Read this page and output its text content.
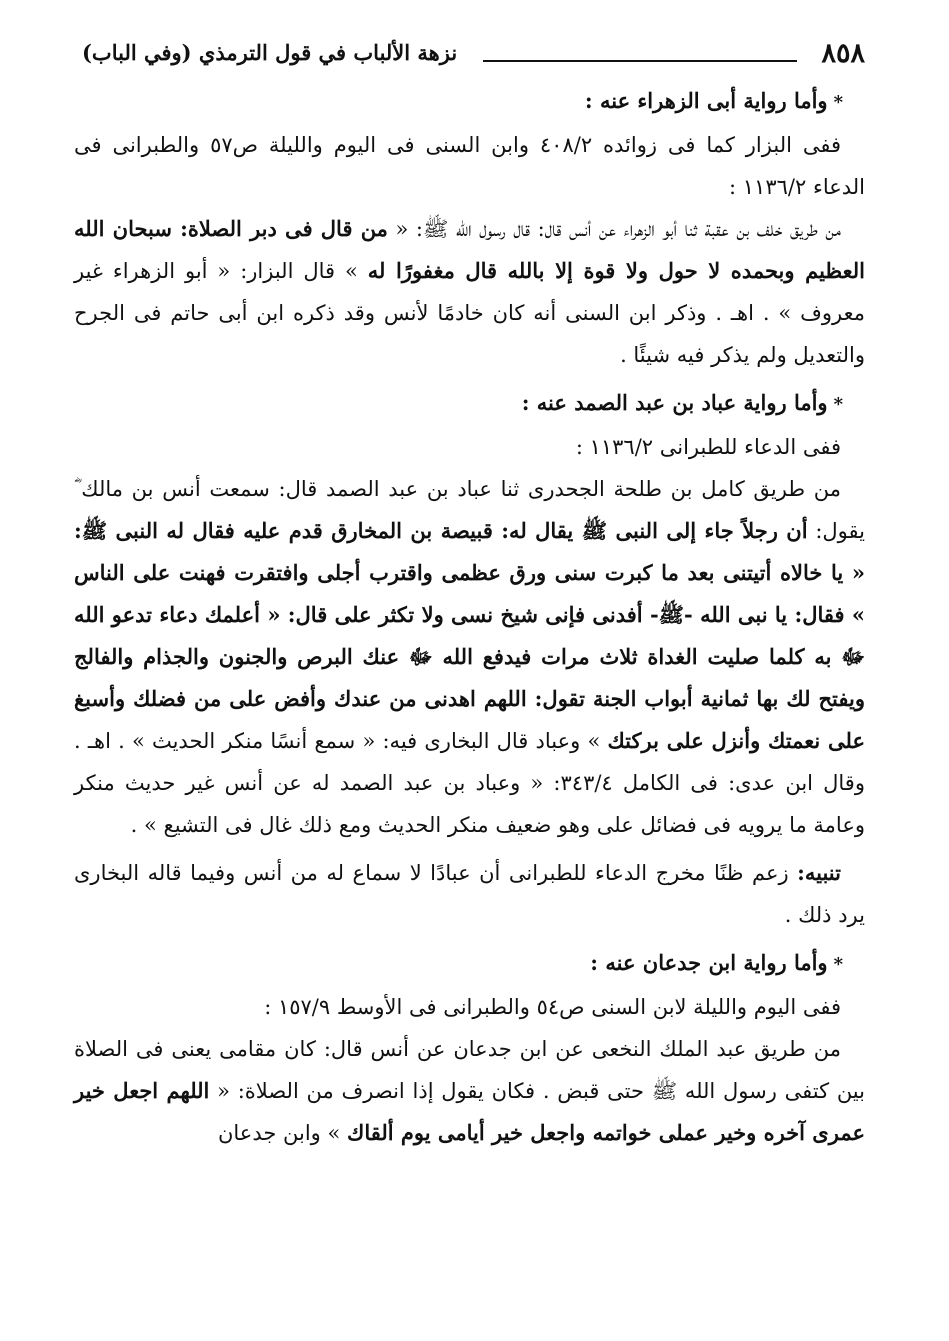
٨٥٨
نزهة الألباب في قول الترمذي (وفي الباب)

*وأما رواية أبى الزهراء عنه :

ففى البزار كما فى زوائده ٤٠٨/٢ وابن السنى فى اليوم والليلة ص٥٧ والطبرانى فى الدعاء ١١٣٦/٢ :

من طريق خلف بن عقبة ثنا أبو الزهراء عن أنس قال: قال رسول الله ﷺ: « من قال فى دبر الصلاة: سبحان الله العظيم وبحمده لا حول ولا قوة إلا بالله قال مغفورًا له » قال البزار: « أبو الزهراء غير معروف » . اهـ . وذكر ابن السنى أنه كان خادمًا لأنس وقد ذكره ابن أبى حاتم فى الجرح والتعديل ولم يذكر فيه شيئًا .

*وأما رواية عباد بن عبد الصمد عنه :

ففى الدعاء للطبرانى ١١٣٦/٢ :

من طريق كامل بن طلحة الجحدرى ثنا عباد بن عبد الصمد قال: سمعت أنس بن مالك ؓ يقول: أن رجلاً جاء إلى النبى ﷺ يقال له: قبيصة بن المخارق قدم عليه فقال له النبى ﷺ: « يا خالاه أتيتنى بعد ما كبرت سنى ورق عظمى واقترب أجلى وافتقرت فهنت على الناس » فقال: يا نبى الله -ﷺ- أفدنى فإنى شيخ نسى ولا تكثر على قال: « أعلمك دعاء تدعو الله ﷻ به كلما صليت الغداة ثلاث مرات فيدفع الله ﷻ عنك البرص والجنون والجذام والفالج ويفتح لك بها ثمانية أبواب الجنة تقول: اللهم اهدنى من عندك وأفض على من فضلك وأسبغ على نعمتك وأنزل على بركتك » وعباد قال البخارى فيه: « سمع أنسًا منكر الحديث » . اهـ . وقال ابن عدى: فى الكامل ٣٤٣/٤: « وعباد بن عبد الصمد له عن أنس غير حديث منكر وعامة ما يرويه فى فضائل على وهو ضعيف منكر الحديث ومع ذلك غال فى التشيع » .

تنبيه: زعم ظنًا مخرج الدعاء للطبرانى أن عبادًا لا سماع له من أنس وفيما قاله البخارى يرد ذلك .

*وأما رواية ابن جدعان عنه :

ففى اليوم والليلة لابن السنى ص٥٤ والطبرانى فى الأوسط ١٥٧/٩ :

من طريق عبد الملك النخعى عن ابن جدعان عن أنس قال: كان مقامى يعنى فى الصلاة بين كتفى رسول الله ﷺ حتى قبض . فكان يقول إذا انصرف من الصلاة: « اللهم اجعل خير عمرى آخره وخير عملى خواتمه واجعل خير أيامى يوم ألقاك » وابن جدعان
